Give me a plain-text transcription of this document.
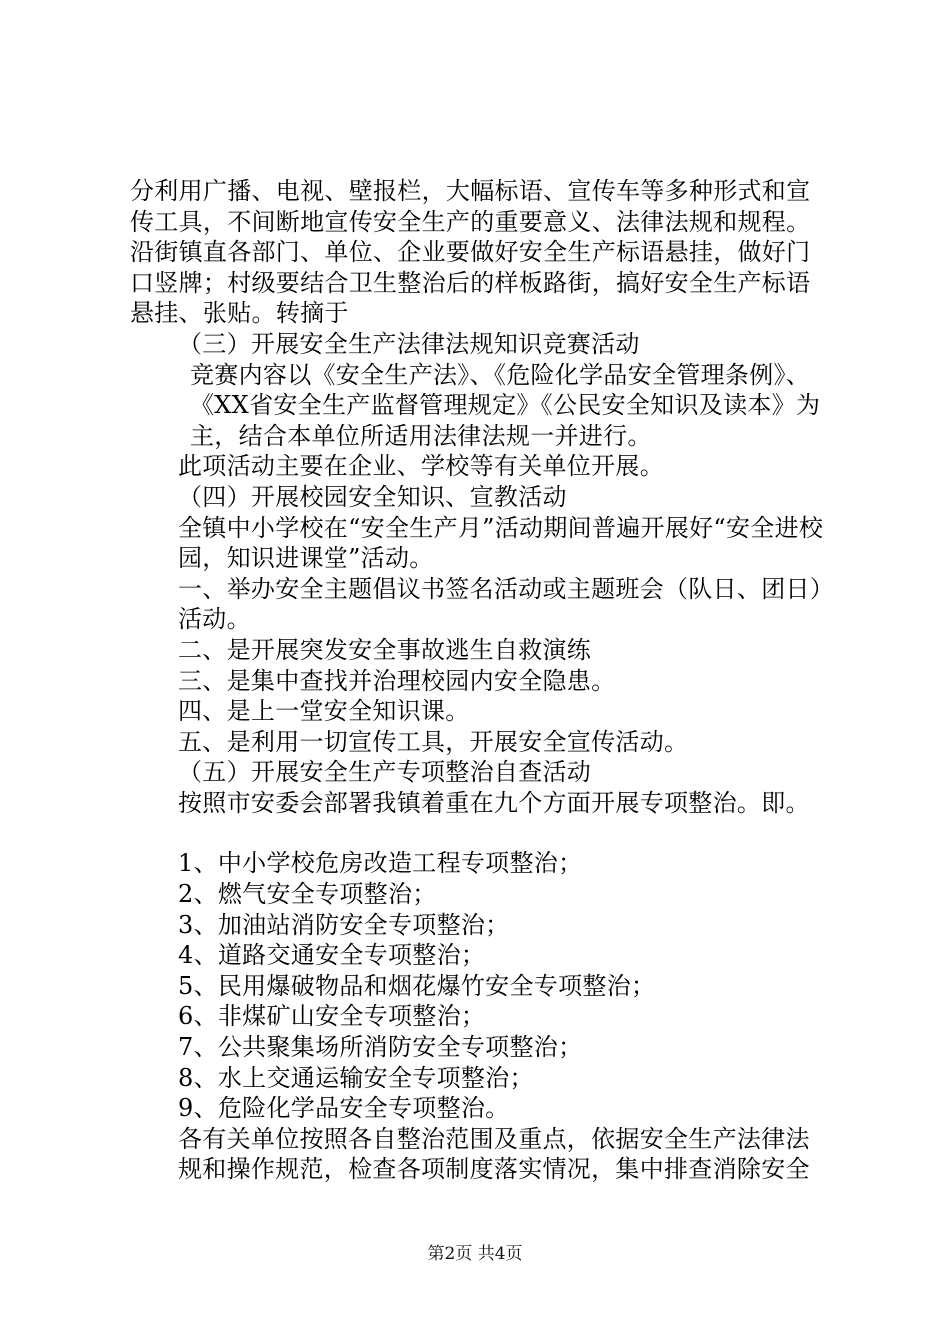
分利用广播、电视、壁报栏，大幅标语、宣传车等多种形式和宣传工具，不间断地宣传安全生产的重要意义、法律法规和规程。沿街镇直各部门、单位、企业要做好安全生产标语悬挂，做好门口竖牌；村级要结合卫生整治后的样板路街，搞好安全生产标语悬挂、张贴。转摘于

（三）开展安全生产法律法规知识竞赛活动

竞赛内容以《安全生产法》、《危险化学品安全管理条例》、《XX省安全生产监督管理规定》《公民安全知识及读本》为主，结合本单位所适用法律法规一并进行。

此项活动主要在企业、学校等有关单位开展。

（四）开展校园安全知识、宣教活动

全镇中小学校在“安全生产月”活动期间普遍开展好“安全进校园，知识进课堂”活动。

一、举办安全主题倡议书签名活动或主题班会（队日、团日）活动。

二、是开展突发安全事故逃生自救演练

三、是集中查找并治理校园内安全隐患。

四、是上一堂安全知识课。

五、是利用一切宣传工具，开展安全宣传活动。

（五）开展安全生产专项整治自查活动

按照市安委会部署我镇着重在九个方面开展专项整治。即。

1、中小学校危房改造工程专项整治；

2、燃气安全专项整治；

3、加油站消防安全专项整治；

4、道路交通安全专项整治；

5、民用爆破物品和烟花爆竹安全专项整治；

6、非煤矿山安全专项整治；

7、公共聚集场所消防安全专项整治；

8、水上交通运输安全专项整治；

9、危险化学品安全专项整治。

各有关单位按照各自整治范围及重点，依据安全生产法律法规和操作规范，检查各项制度落实情况，集中排查消除安全

第2页 共4页
